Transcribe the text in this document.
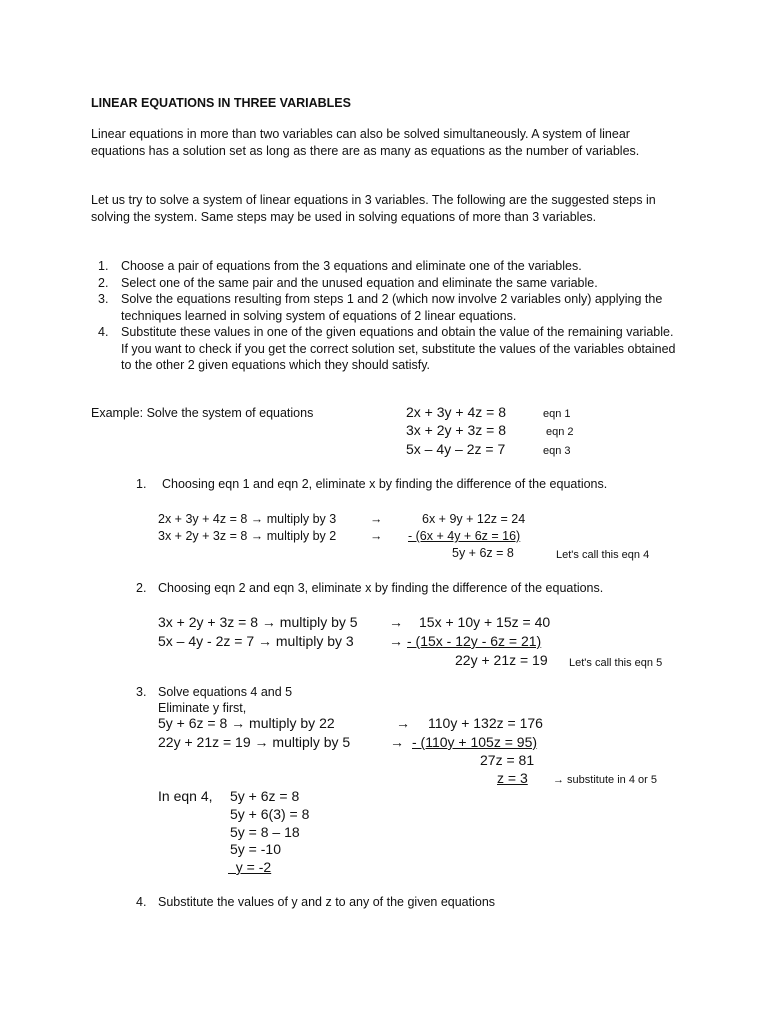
LINEAR EQUATIONS IN THREE VARIABLES
Linear equations in more than two variables can also be solved simultaneously. A system of linear equations has a solution set as long as there are as many as equations as the number of variables.
Let us try to solve a system of linear equations in 3 variables. The following are the suggested steps in solving the system. Same steps may be used in solving equations of more than 3 variables.
1. Choose a pair of equations from the 3 equations and eliminate one of the variables.
2. Select one of the same pair and the unused equation and eliminate the same variable.
3. Solve the equations resulting from steps 1 and 2 (which now involve 2 variables only) applying the techniques learned in solving system of equations of 2 linear equations.
4. Substitute these values in one of the given equations and obtain the value of the remaining variable.
If you want to check if you get the correct solution set, substitute the values of the variables obtained to the other 2 given equations which they should satisfy.
Example: Solve the system of equations	2x + 3y + 4z = 8	eqn 1
3x + 2y + 3z = 8	eqn 2
5x – 4y – 2z = 7	eqn 3
1. Choosing eqn 1 and eqn 2, eliminate x by finding the difference of the equations.
2x + 3y + 4z = 8 → multiply by 3	→	6x + 9y + 12z = 24
3x + 2y + 3z = 8 → multiply by 2	→ - (6x + 4y + 6z = 16)
5y + 6z = 8	Let's call this eqn 4
2. Choosing eqn 2 and eqn 3, eliminate x by finding the difference of the equations.
3x + 2y + 3z = 8 → multiply by 5 → 15x + 10y + 15z = 40
5x – 4y - 2z = 7 → multiply by 3	→ - (15x - 12y - 6z = 21)
22y + 21z = 19 Let's call this eqn 5
3. Solve equations 4 and 5
Eliminate y first,
5y + 6z = 8 → multiply by 22	→ 110y + 132z = 176
22y + 21z = 19 → multiply by 5	→ - (110y + 105z = 95)
27z = 81
z = 3 → substitute in 4 or 5
In eqn 4, 5y + 6z = 8
5y + 6(3) = 8
5y = 8 – 18
5y = -10
y = -2
4. Substitute the values of y and z to any of the given equations
